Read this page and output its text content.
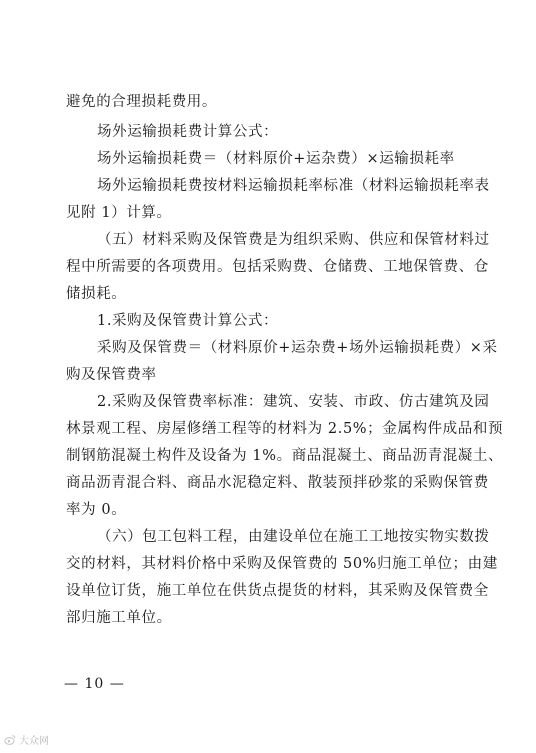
避免的合理损耗费用。
场外运输损耗费计算公式：
场外运输损耗费＝（材料原价+运杂费）×运输损耗率
场外运输损耗费按材料运输损耗率标准（材料运输损耗率表
见附 1）计算。
（五）材料采购及保管费是为组织采购、供应和保管材料过
程中所需要的各项费用。包括采购费、仓储费、工地保管费、仓
储损耗。
1.采购及保管费计算公式：
采购及保管费＝（材料原价+运杂费+场外运输损耗费）×采
购及保管费率
2.采购及保管费率标准：建筑、安装、市政、仿古建筑及园
林景观工程、房屋修缮工程等的材料为 2.5%；金属构件成品和预
制钢筋混凝土构件及设备为 1%。商品混凝土、商品沥青混凝土、
商品沥青混合料、商品水泥稳定料、散装预拌砂浆的采购保管费
率为 0。
（六）包工包料工程，由建设单位在施工工地按实物实数拨
交的材料，其材料价格中采购及保管费的 50%归施工单位；由建
设单位订货，施工单位在供货点提货的材料，其采购及保管费全
部归施工单位。
— 10 —
大众网
